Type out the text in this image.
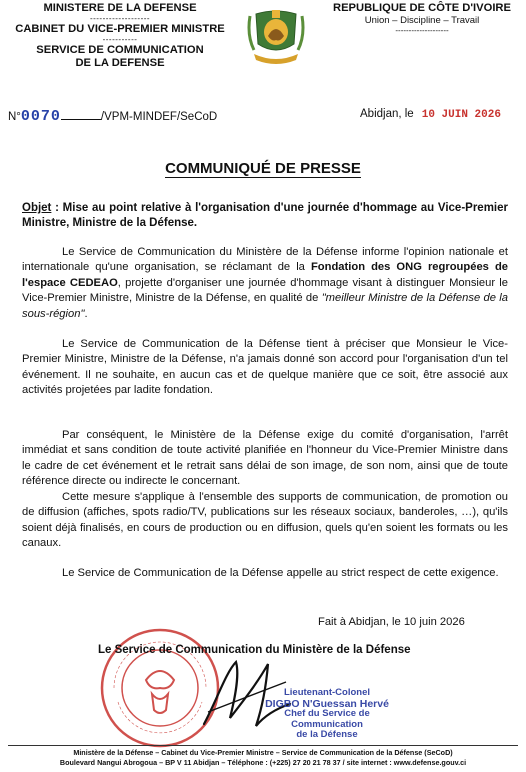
MINISTERE DE LA DEFENSE
-------------------
CABINET DU VICE-PREMIER MINISTRE
-----------
SERVICE DE COMMUNICATION
DE LA DEFENSE
REPUBLIQUE DE CÔTE D'IVOIRE
Union – Discipline – Travail
--------------------
N°0070	/VPM-MINDEF/SeCoD	Abidjan, le 10 JUIN 2026
COMMUNIQUÉ DE PRESSE
Objet : Mise au point relative à l'organisation d'une journée d'hommage au Vice-Premier Ministre, Ministre de la Défense.

Le Service de Communication du Ministère de la Défense informe l'opinion nationale et internationale qu'une organisation, se réclamant de la Fondation des ONG regroupées de l'espace CEDEAO, projette d'organiser une journée d'hommage visant à distinguer Monsieur le Vice-Premier Ministre, Ministre de la Défense, en qualité de "meilleur Ministre de la Défense de la sous-région".

Le Service de Communication de la Défense tient à préciser que Monsieur le Vice-Premier Ministre, Ministre de la Défense, n'a jamais donné son accord pour l'organisation d'un tel événement. Il ne souhaite, en aucun cas et de quelque manière que ce soit, être associé aux activités projetées par ladite fondation.

Par conséquent, le Ministère de la Défense exige du comité d'organisation, l'arrêt immédiat et sans condition de toute activité planifiée en l'honneur du Vice-Premier Ministre dans le cadre de cet événement et le retrait sans délai de son image, de son nom, ainsi que de toute référence directe ou indirecte le concernant.

Cette mesure s'applique à l'ensemble des supports de communication, de promotion ou de diffusion (affiches, spots radio/TV, publications sur les réseaux sociaux, banderoles, …), qu'ils soient déjà finalisés, en cours de production ou en diffusion, quels qu'en soient les formats ou les canaux.

Le Service de Communication de la Défense appelle au strict respect de cette exigence.

Fait à Abidjan, le 10 juin 2026
Le Service de Communication du Ministère de la Défense
Lieutenant-Colonel
DIGBO N'Guessan Hervé
Chef du Service de Communication
de la Défense
Ministère de la Défense – Cabinet du Vice-Premier Ministre – Service de Communication de la Défense (SeCoD)
Boulevard Nangui Abrogoua – BP V 11 Abidjan – Téléphone : (+225) 27 20 21 78 37 / site internet : www.defense.gouv.ci
